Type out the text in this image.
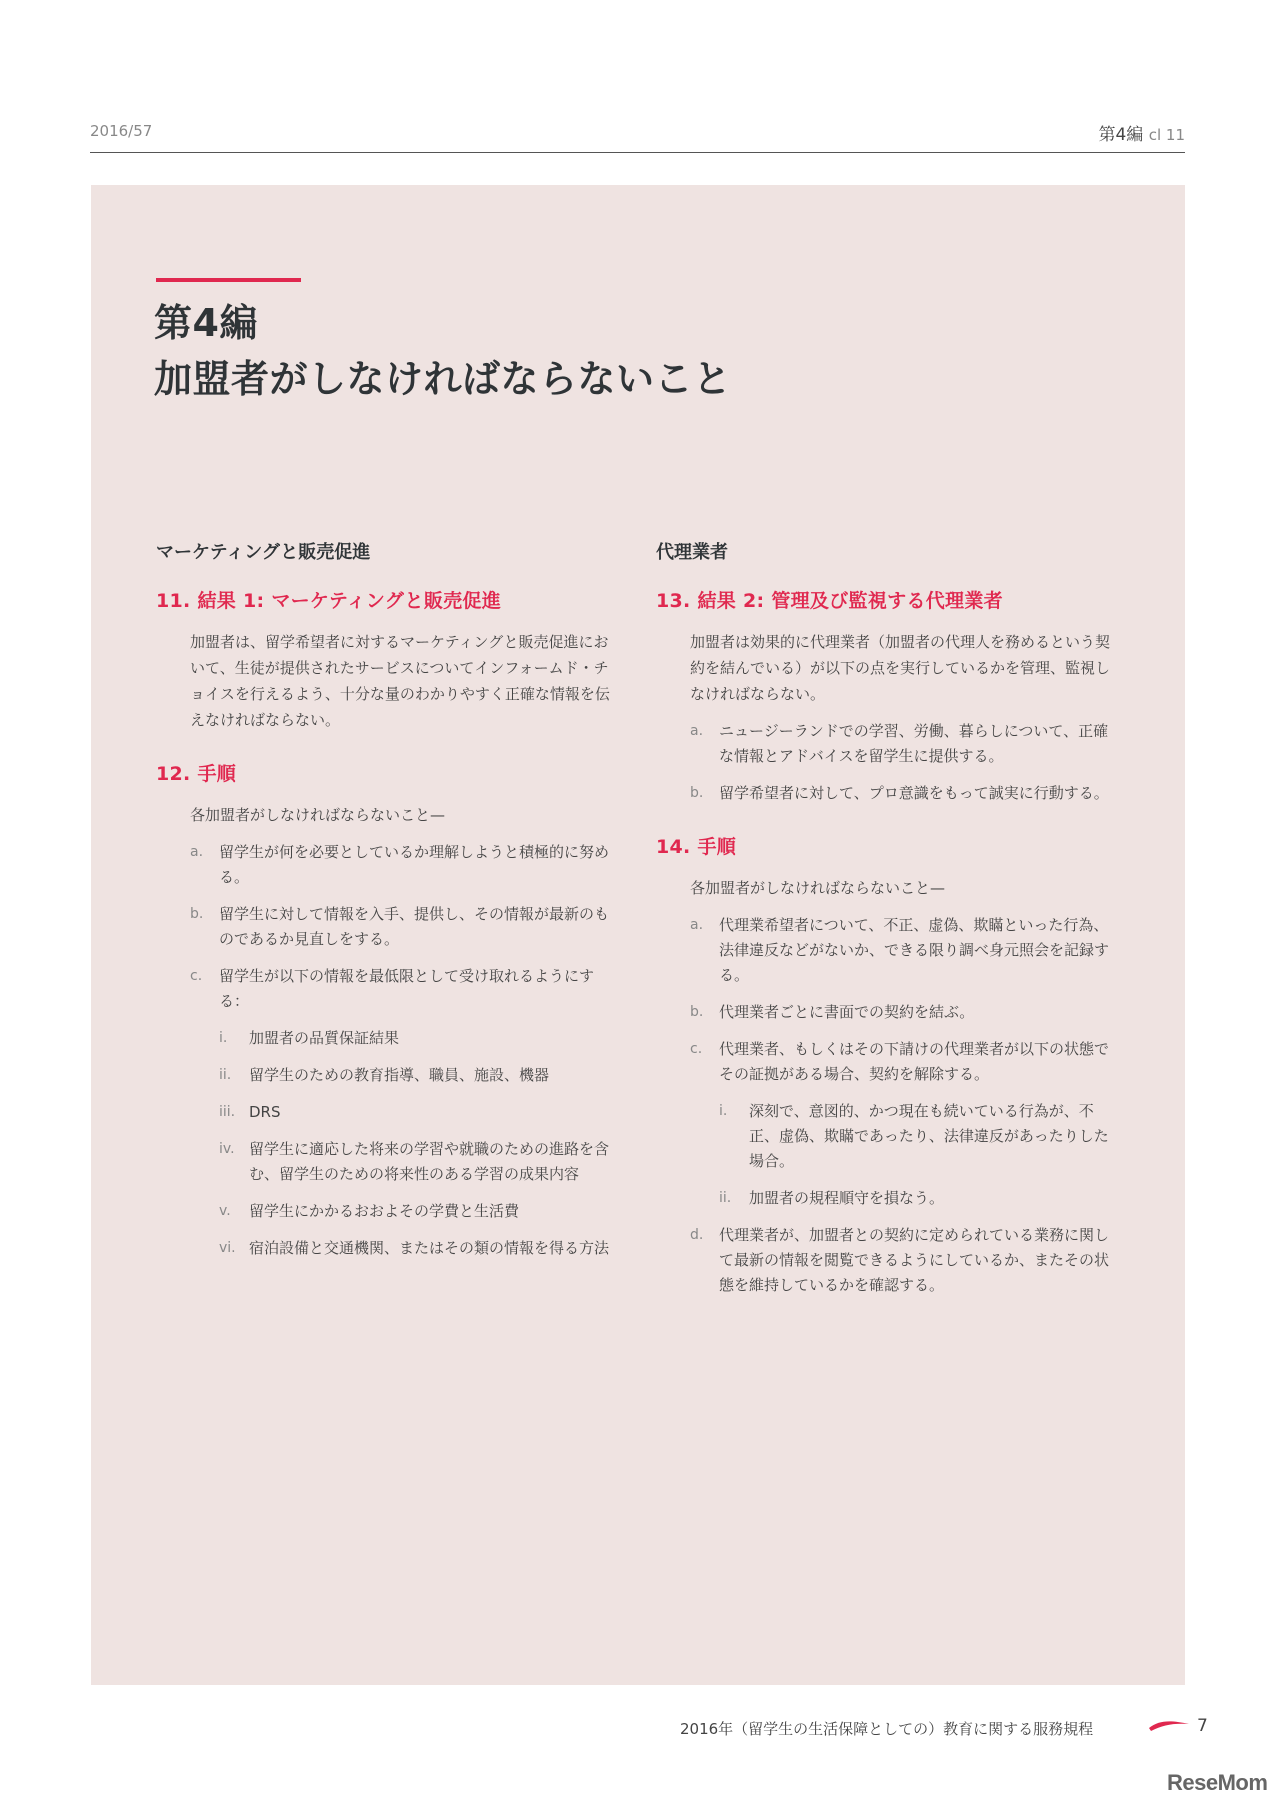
2016/57	第4編 cl 11
第4編
加盟者がしなければならないこと
マーケティングと販売促進
11. 結果 1: マーケティングと販売促進
加盟者は、留学希望者に対するマーケティングと販売促進において、生徒が提供されたサービスについてインフォームド・チョイスを行えるよう、十分な量のわかりやすく正確な情報を伝えなければならない。
12. 手順
各加盟者がしなければならないこと—
a. 留学生が何を必要としているか理解しようと積極的に努める。
b. 留学生に対して情報を入手、提供し、その情報が最新のものであるか見直しをする。
c. 留学生が以下の情報を最低限として受け取れるようにする：
i. 加盟者の品質保証結果
ii. 留学生のための教育指導、職員、施設、機器
iii. DRS
iv. 留学生に適応した将来の学習や就職のための進路を含む、留学生のための将来性のある学習の成果内容
v. 留学生にかかるおおよその学費と生活費
vi. 宿泊設備と交通機関、またはその類の情報を得る方法
代理業者
13. 結果 2: 管理及び監視する代理業者
加盟者は効果的に代理業者（加盟者の代理人を務めるという契約を結んでいる）が以下の点を実行しているかを管理、監視しなければならない。
a. ニュージーランドでの学習、労働、暮らしについて、正確な情報とアドバイスを留学生に提供する。
b. 留学希望者に対して、プロ意識をもって誠実に行動する。
14. 手順
各加盟者がしなければならないこと—
a. 代理業希望者について、不正、虚偽、欺瞞といった行為、法律違反などがないか、できる限り調べ身元照会を記録する。
b. 代理業者ごとに書面での契約を結ぶ。
c. 代理業者、もしくはその下請けの代理業者が以下の状態でその証拠がある場合、契約を解除する。
i. 深刻で、意図的、かつ現在も続いている行為が、不正、虚偽、欺瞞であったり、法律違反があったりした場合。
ii. 加盟者の規程順守を損なう。
d. 代理業者が、加盟者との契約に定められている業務に関して最新の情報を閲覧できるようにしているか、またその状態を維持しているかを確認する。
2016年（留学生の生活保障としての）教育に関する服務規程	7
ReseMom
